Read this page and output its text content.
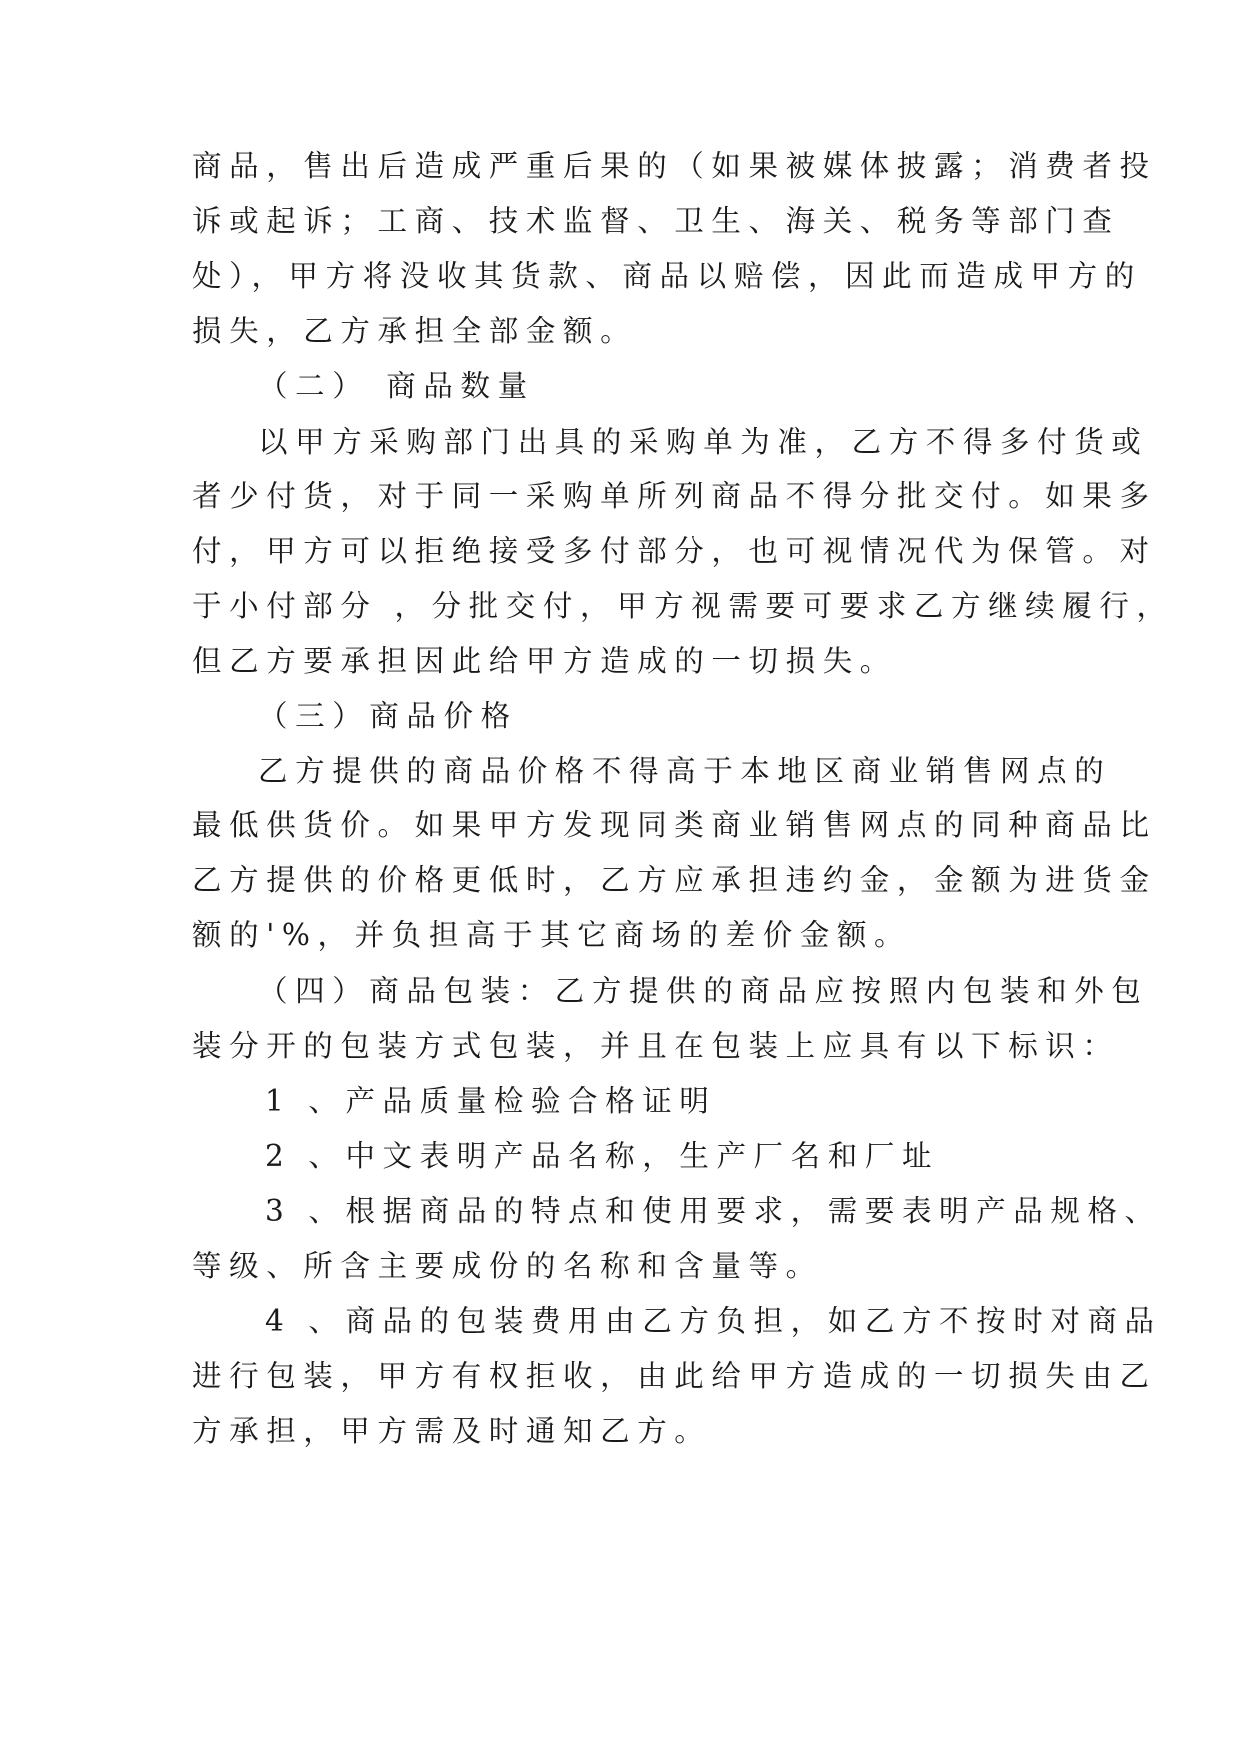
商品，售出后造成严重后果的（如果被媒体披露；消费者投
诉或起诉；工商、技术监督、卫生、海关、税务等部门查
处），甲方将没收其货款、商品以赔偿，因此而造成甲方的
损失，乙方承担全部金额。
（二） 商品数量
以甲方采购部门出具的采购单为准，乙方不得多付货或
者少付货，对于同一采购单所列商品不得分批交付。如果多
付，甲方可以拒绝接受多付部分，也可视情况代为保管。对
于小付部分 ，分批交付，甲方视需要可要求乙方继续履行，
但乙方要承担因此给甲方造成的一切损失。
（三）商品价格
乙方提供的商品价格不得高于本地区商业销售网点的
最低供货价。如果甲方发现同类商业销售网点的同种商品比
乙方提供的价格更低时，乙方应承担违约金，金额为进货金
额的'%，并负担高于其它商场的差价金额。
（四）商品包装：乙方提供的商品应按照内包装和外包
装分开的包装方式包装，并且在包装上应具有以下标识：
1 、产品质量检验合格证明
2 、中文表明产品名称，生产厂名和厂址
3 、根据商品的特点和使用要求，需要表明产品规格、
等级、所含主要成份的名称和含量等。
4 、商品的包装费用由乙方负担，如乙方不按时对商品
进行包装，甲方有权拒收，由此给甲方造成的一切损失由乙
方承担，甲方需及时通知乙方。
